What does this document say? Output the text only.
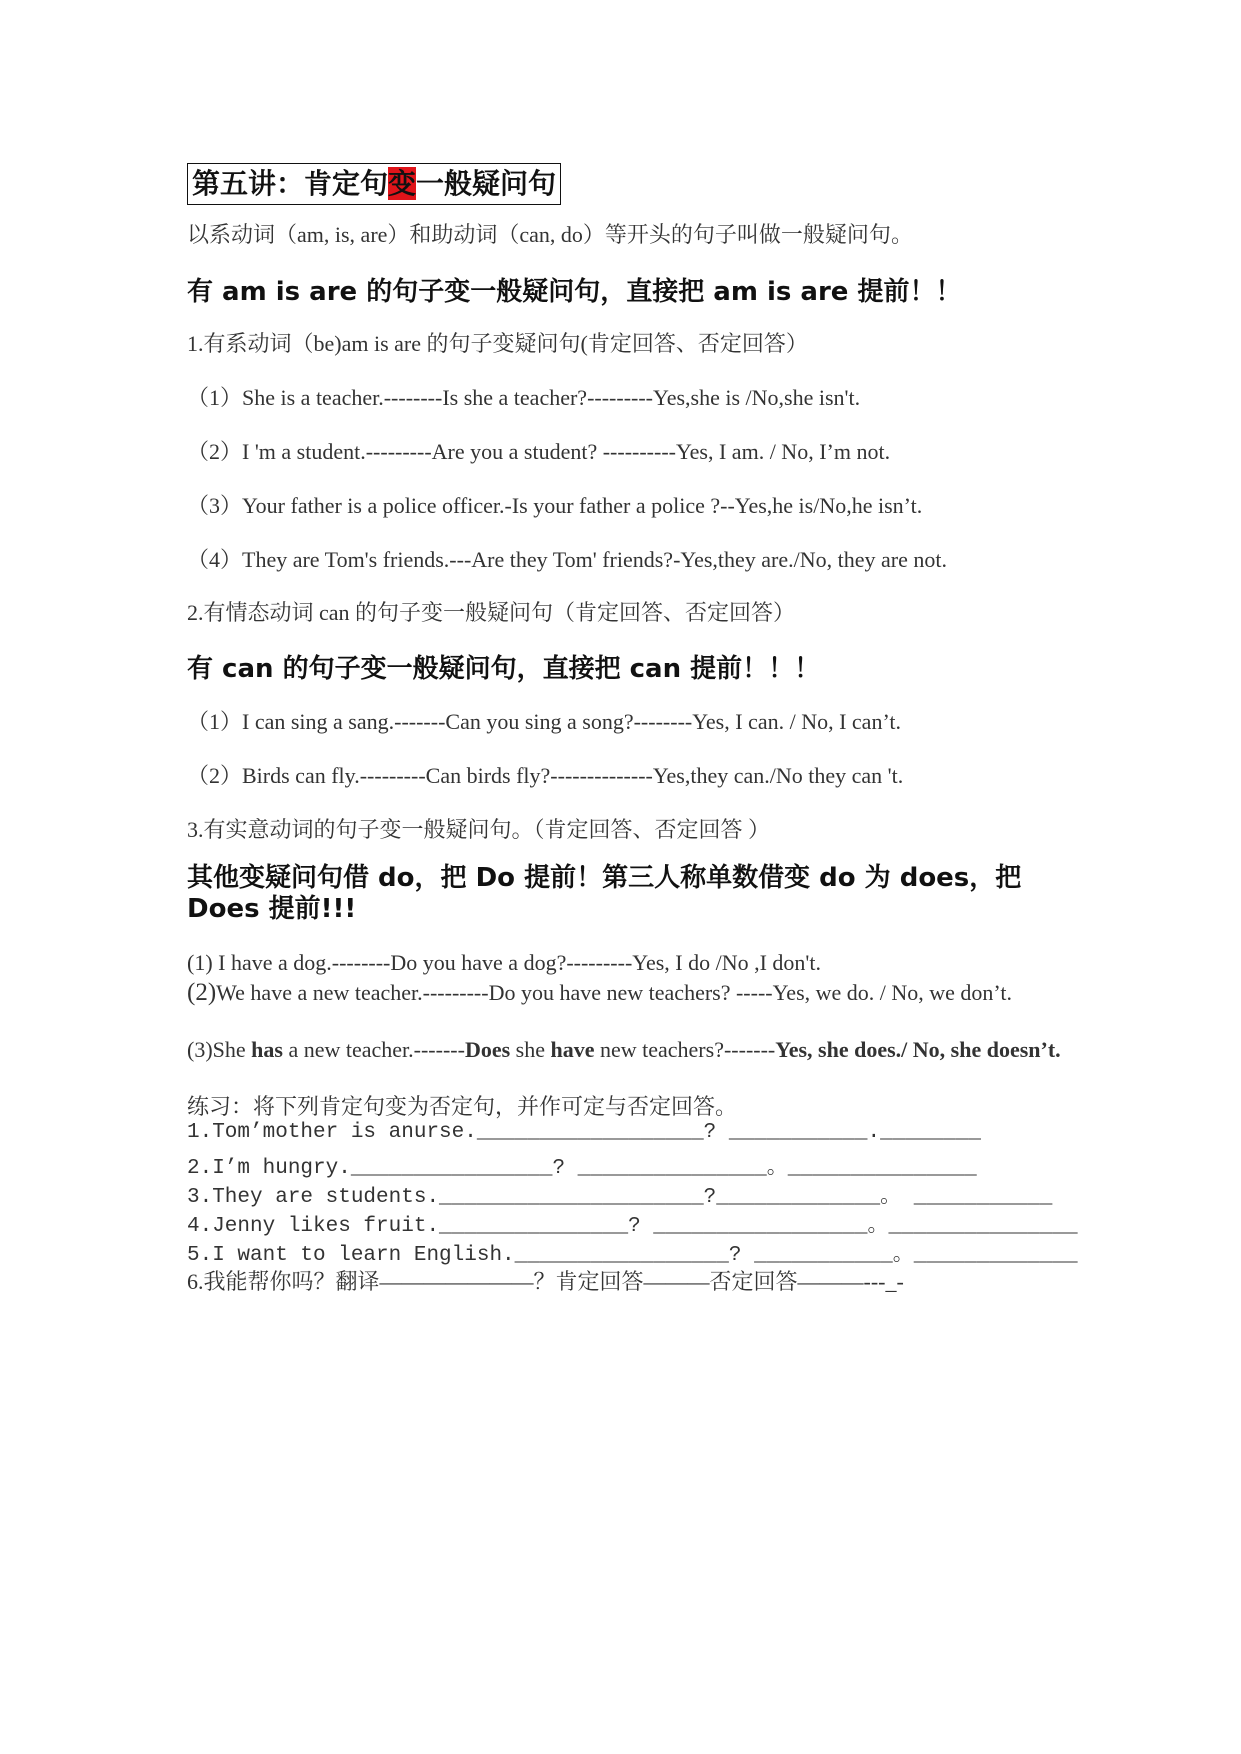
第五讲：肯定句变一般疑问句
以系动词（am, is, are）和助动词（can, do）等开头的句子叫做一般疑问句。
有 am is are 的句子变一般疑问句，直接把 am is are 提前！！
1.有系动词（be)am is are 的句子变疑问句(肯定回答、否定回答）
（1）She is a teacher.--------Is she a teacher?---------Yes,she is /No,she isn't.
（2）I 'm a student.---------Are you a student? ----------Yes, I am. / No, I’m not.
（3）Your father is a police officer.-Is your father a police ?--Yes,he is/No,he isn’t.
（4）They are Tom's friends.---Are they Tom' friends?-Yes,they are./No, they are not.
2.有情态动词 can 的句子变一般疑问句（肯定回答、否定回答）
有 can 的句子变一般疑问句，直接把 can 提前！！！
（1）I can sing a sang.-------Can you sing a song?--------Yes, I can. / No, I can’t.
（2）Birds can fly.---------Can birds fly?--------------Yes,they can./No they can 't.
3.有实意动词的句子变一般疑问句。（肯定回答、否定回答 ）
其他变疑问句借 do，把 Do 提前！第三人称单数借变 do 为 does，把 Does 提前!!!
(1) I have a dog.--------Do you have a dog?---------Yes, I do /No ,I don't.
(2)We have a new teacher.---------Do you have new teachers? -----Yes, we do. / No, we don’t.
(3)She has a new teacher.-------Does she have new teachers?-------Yes, she does./ No, she doesn’t.
练习：将下列肯定句变为否定句，并作可定与否定回答。
1.Tom’mother is anurse.__________________? ___________.________
2.I’m hungry.________________? _______________。_______________
3.They are students._____________________?_____________。 ___________
4.Jenny likes fruit._______________? _________________。_______________
5.I want to learn English._________________? ___________。_____________
6.我能帮你吗？翻译———————？肯定回答———否定回答———---_-
